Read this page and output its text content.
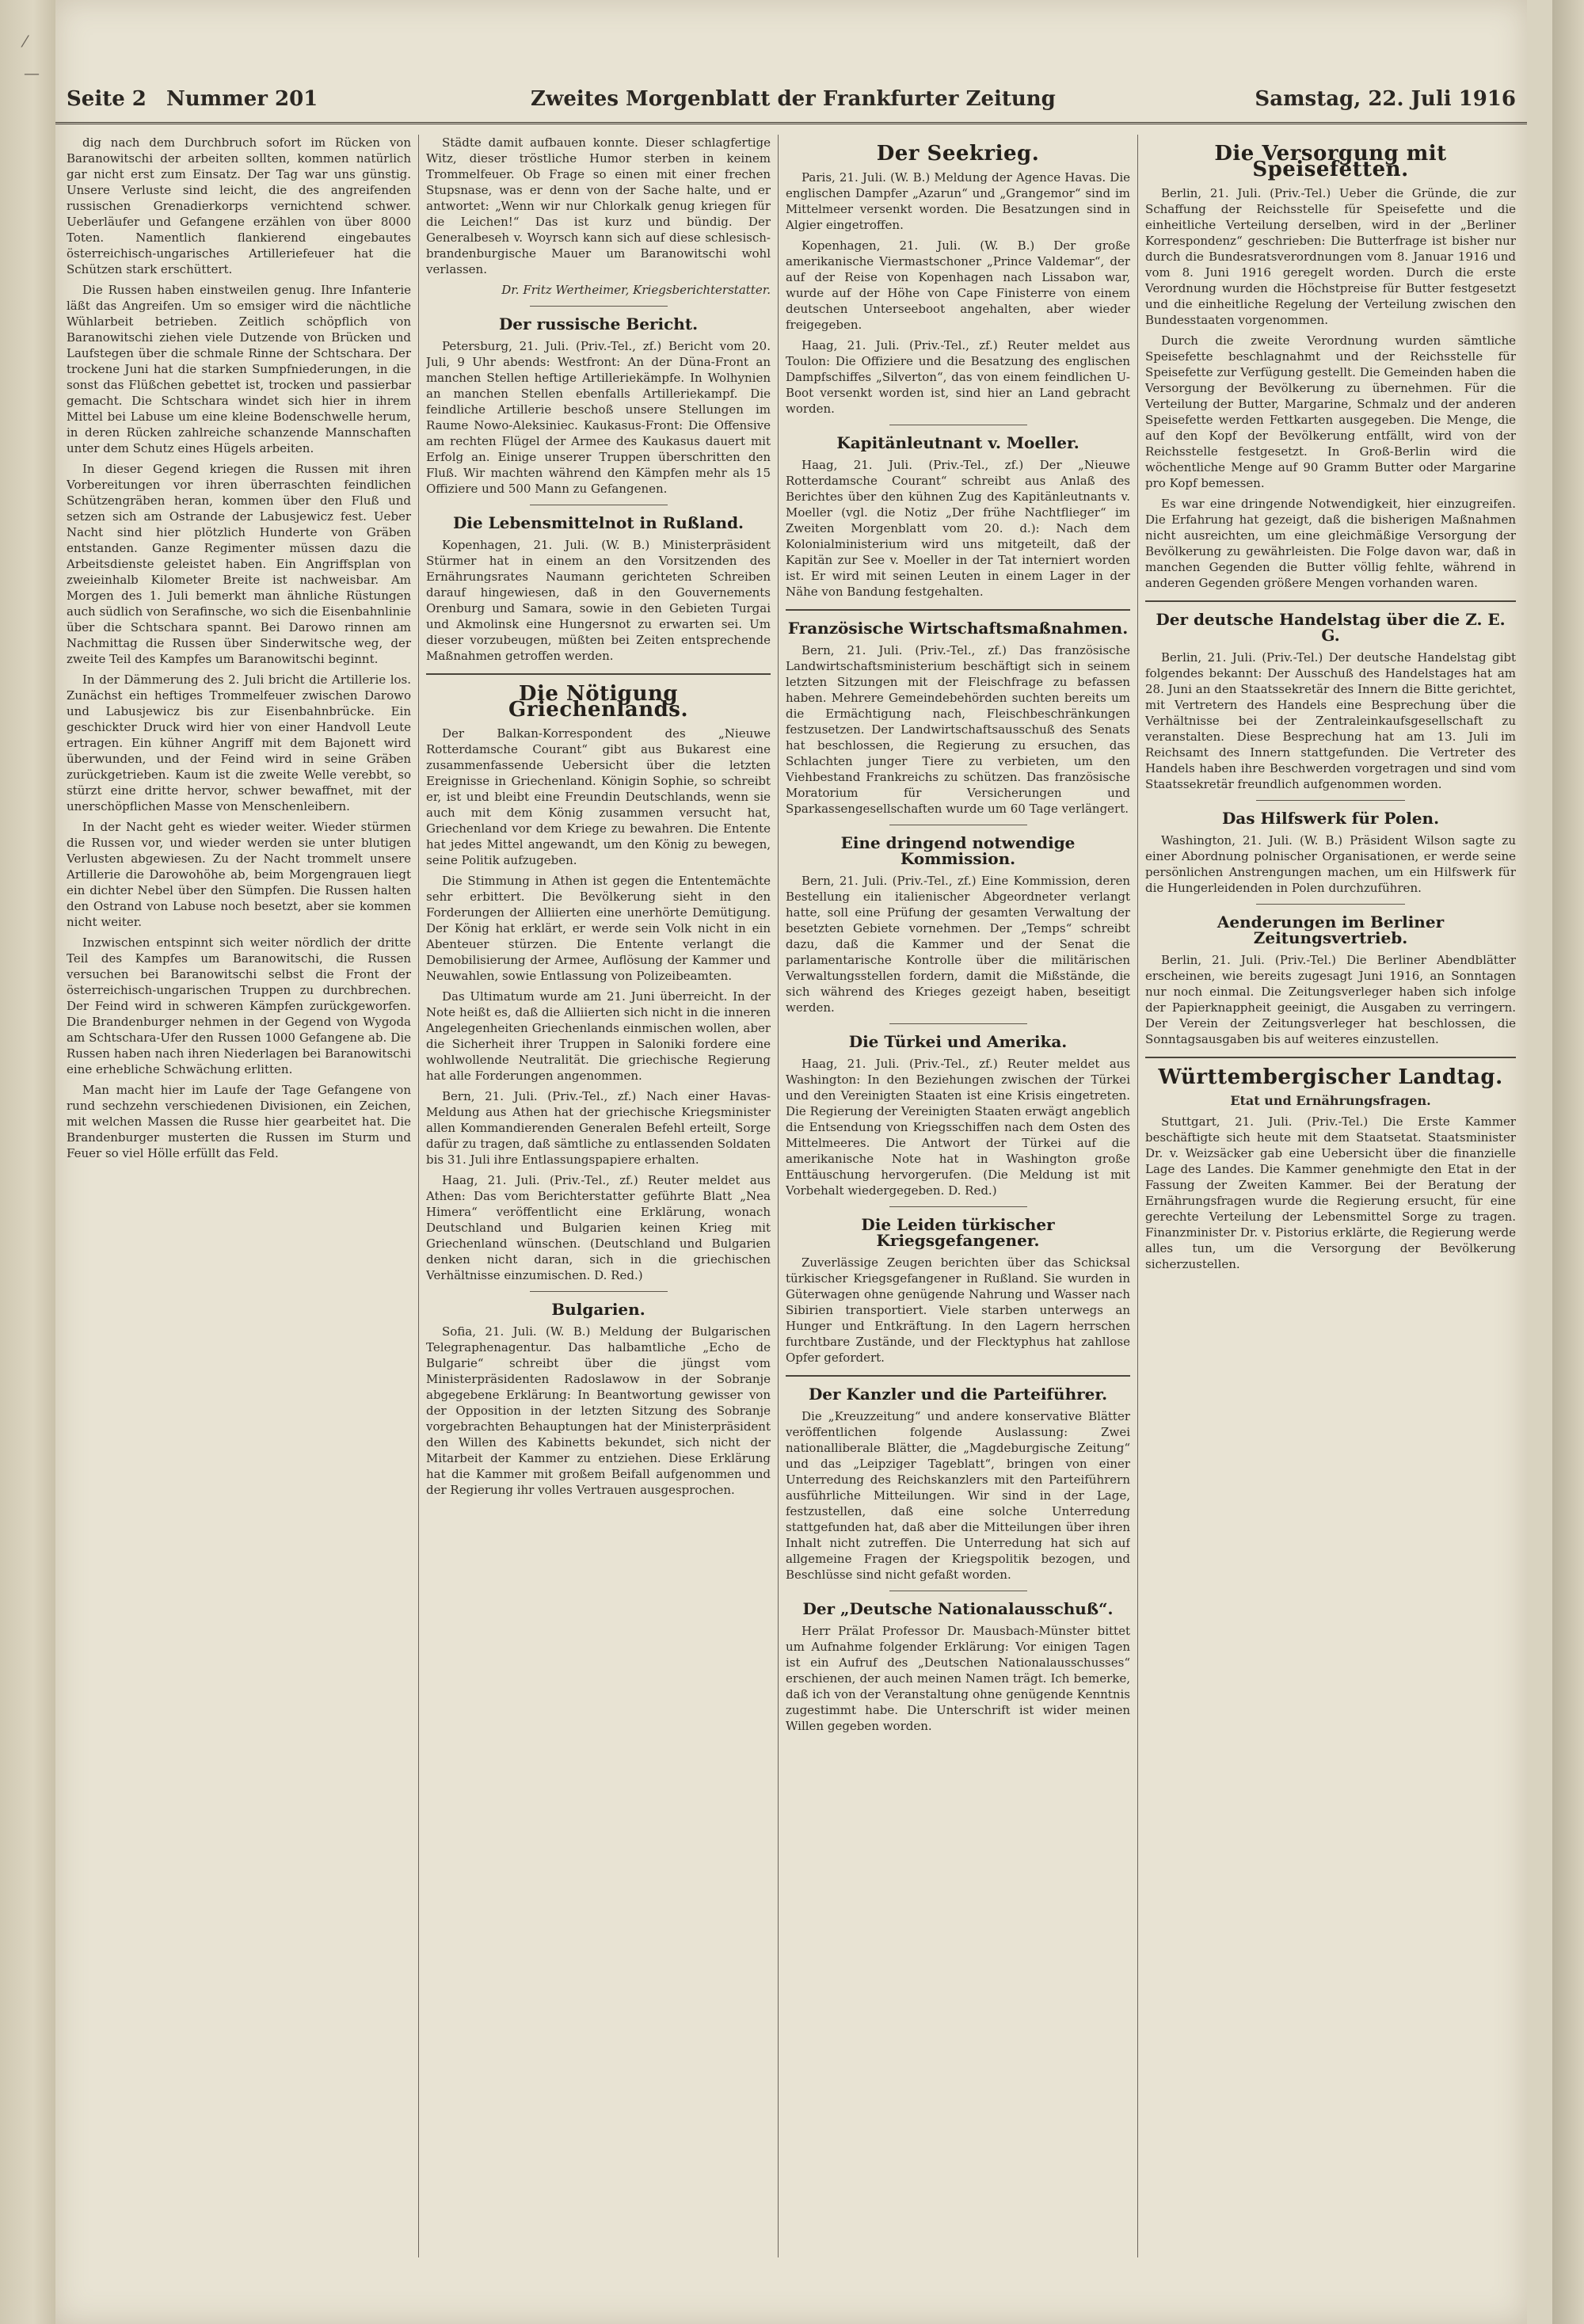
⁄
—
Seite 2 Nummer 201	Zweites Morgenblatt der Frankfurter Zeitung	Samstag, 22. Juli 1916

dig nach dem Durchbruch sofort im Rücken von Baranowitschi der arbeiten sollten, kommen natürlich gar nicht erst zum Einsatz. Der Tag war uns günstig. Unsere Verluste sind leicht, die des angreifenden russischen Grenadierkorps vernichtend schwer. Ueberläufer und Gefangene erzählen von über 8000 Toten. Namentlich flankierend eingebautes österreichisch-ungarisches Artilleriefeuer hat die Schützen stark erschüttert.

Die Russen haben einstweilen genug. Ihre Infanterie läßt das Angreifen. Um so emsiger wird die nächtliche Wühlarbeit betrieben. Zeitlich schöpflich von Baranowitschi ziehen viele Dutzende von Brücken und Laufstegen über die schmale Rinne der Schtschara. Der trockene Juni hat die starken Sumpfniederungen, in die sonst das Flüßchen gebettet ist, trocken und passierbar gemacht. Die Schtschara windet sich hier in ihrem Mittel bei Labuse um eine kleine Bodenschwelle herum, in deren Rücken zahlreiche schanzende Mannschaften unter dem Schutz eines Hügels arbeiten.

In dieser Gegend kriegen die Russen mit ihren Vorbereitungen vor ihren überraschten feindlichen Schützengräben heran, kommen über den Fluß und setzen sich am Ostrande der Labusjewicz fest. Ueber Nacht sind hier plötzlich Hunderte von Gräben entstanden. Ganze Regimenter müssen dazu die Arbeitsdienste geleistet haben. Ein Angriffsplan von zweieinhalb Kilometer Breite ist nachweisbar. Am Morgen des 1. Juli bemerkt man ähnliche Rüstungen auch südlich von Serafinsche, wo sich die Eisenbahnlinie über die Schtschara spannt. Bei Darowo rinnen am Nachmittag die Russen über Sinderwitsche weg, der zweite Teil des Kampfes um Baranowitschi beginnt.

In der Dämmerung des 2. Juli bricht die Artillerie los. Zunächst ein heftiges Trommelfeuer zwischen Darowo und Labusjewicz bis zur Eisenbahnbrücke. Ein geschickter Druck wird hier von einer Handvoll Leute ertragen. Ein kühner Angriff mit dem Bajonett wird überwunden, und der Feind wird in seine Gräben zurückgetrieben. Kaum ist die zweite Welle verebbt, so stürzt eine dritte hervor, schwer bewaffnet, mit der unerschöpflichen Masse von Menschenleibern.

In der Nacht geht es wieder weiter. Wieder stürmen die Russen vor, und wieder werden sie unter blutigen Verlusten abgewiesen. Zu der Nacht trommelt unsere Artillerie die Darowohöhe ab, beim Morgengrauen liegt ein dichter Nebel über den Sümpfen. Die Russen halten den Ostrand von Labuse noch besetzt, aber sie kommen nicht weiter.

Inzwischen entspinnt sich weiter nördlich der dritte Teil des Kampfes um Baranowitschi, die Russen versuchen bei Baranowitschi selbst die Front der österreichisch-ungarischen Truppen zu durchbrechen. Der Feind wird in schweren Kämpfen zurückgeworfen. Die Brandenburger nehmen in der Gegend von Wygoda am Schtschara-Ufer den Russen 1000 Gefangene ab. Die Russen haben nach ihren Niederlagen bei Baranowitschi eine erhebliche Schwächung erlitten.

Man macht hier im Laufe der Tage Gefangene von rund sechzehn verschiedenen Divisionen, ein Zeichen, mit welchen Massen die Russe hier gearbeitet hat. Die Brandenburger musterten die Russen im Sturm und Feuer so viel Hölle erfüllt das Feld.

Städte damit aufbauen konnte. Dieser schlagfertige Witz, dieser tröstliche Humor sterben in keinem Trommelfeuer. Ob Frage so einen mit einer frechen Stupsnase, was er denn von der Sache halte, und er antwortet: „Wenn wir nur Chlorkalk genug kriegen für die Leichen!“ Das ist kurz und bündig. Der Generalbeseh v. Woyrsch kann sich auf diese schlesisch-brandenburgische Mauer um Baranowitschi wohl verlassen.

Dr. Fritz Wertheimer, Kriegsberichterstatter.

Der russische Bericht.

Petersburg, 21. Juli. (Priv.-Tel., zf.) Bericht vom 20. Juli, 9 Uhr abends: Westfront: An der Düna-Front an manchen Stellen heftige Artilleriekämpfe. In Wolhynien an manchen Stellen ebenfalls Artilleriekampf. Die feindliche Artillerie beschoß unsere Stellungen im Raume Nowo-Aleksiniec. Kaukasus-Front: Die Offensive am rechten Flügel der Armee des Kaukasus dauert mit Erfolg an. Einige unserer Truppen überschritten den Fluß. Wir machten während den Kämpfen mehr als 15 Offiziere und 500 Mann zu Gefangenen.

Die Lebensmittelnot in Rußland.

Kopenhagen, 21. Juli. (W. B.) Ministerpräsident Stürmer hat in einem an den Vorsitzenden des Ernährungsrates Naumann gerichteten Schreiben darauf hingewiesen, daß in den Gouvernements Orenburg und Samara, sowie in den Gebieten Turgai und Akmolinsk eine Hungersnot zu erwarten sei. Um dieser vorzubeugen, müßten bei Zeiten entsprechende Maßnahmen getroffen werden.

Die Nötigung Griechenlands.

Der Balkan-Korrespondent des „Nieuwe Rotterdamsche Courant“ gibt aus Bukarest eine zusammenfassende Uebersicht über die letzten Ereignisse in Griechenland. Königin Sophie, so schreibt er, ist und bleibt eine Freundin Deutschlands, wenn sie auch mit dem König zusammen versucht hat, Griechenland vor dem Kriege zu bewahren. Die Entente hat jedes Mittel angewandt, um den König zu bewegen, seine Politik aufzugeben.

Die Stimmung in Athen ist gegen die Ententemächte sehr erbittert. Die Bevölkerung sieht in den Forderungen der Alliierten eine unerhörte Demütigung. Der König hat erklärt, er werde sein Volk nicht in ein Abenteuer stürzen. Die Entente verlangt die Demobilisierung der Armee, Auflösung der Kammer und Neuwahlen, sowie Entlassung von Polizeibeamten.

Das Ultimatum wurde am 21. Juni überreicht. In der Note heißt es, daß die Alliierten sich nicht in die inneren Angelegenheiten Griechenlands einmischen wollen, aber die Sicherheit ihrer Truppen in Saloniki fordere eine wohlwollende Neutralität. Die griechische Regierung hat alle Forderungen angenommen.

Bern, 21. Juli. (Priv.-Tel., zf.) Nach einer Havas-Meldung aus Athen hat der griechische Kriegsminister allen Kommandierenden Generalen Befehl erteilt, Sorge dafür zu tragen, daß sämtliche zu entlassenden Soldaten bis 31. Juli ihre Entlassungspapiere erhalten.

Haag, 21. Juli. (Priv.-Tel., zf.) Reuter meldet aus Athen: Das vom Berichterstatter geführte Blatt „Nea Himera“ veröffentlicht eine Erklärung, wonach Deutschland und Bulgarien keinen Krieg mit Griechenland wünschen. (Deutschland und Bulgarien denken nicht daran, sich in die griechischen Verhältnisse einzumischen. D. Red.)

Bulgarien.

Sofia, 21. Juli. (W. B.) Meldung der Bulgarischen Telegraphenagentur. Das halbamtliche „Echo de Bulgarie“ schreibt über die jüngst vom Ministerpräsidenten Radoslawow in der Sobranje abgegebene Erklärung: In Beantwortung gewisser von der Opposition in der letzten Sitzung des Sobranje vorgebrachten Behauptungen hat der Ministerpräsident den Willen des Kabinetts bekundet, sich nicht der Mitarbeit der Kammer zu entziehen. Diese Erklärung hat die Kammer mit großem Beifall aufgenommen und der Regierung ihr volles Vertrauen ausgesprochen.

Der Seekrieg.

Paris, 21. Juli. (W. B.) Meldung der Agence Havas. Die englischen Dampfer „Azarun“ und „Grangemor“ sind im Mittelmeer versenkt worden. Die Besatzungen sind in Algier eingetroffen.

Kopenhagen, 21. Juli. (W. B.) Der große amerikanische Viermastschoner „Prince Valdemar“, der auf der Reise von Kopenhagen nach Lissabon war, wurde auf der Höhe von Cape Finisterre von einem deutschen Unterseeboot angehalten, aber wieder freigegeben.

Haag, 21. Juli. (Priv.-Tel., zf.) Reuter meldet aus Toulon: Die Offiziere und die Besatzung des englischen Dampfschiffes „Silverton“, das von einem feindlichen U-Boot versenkt worden ist, sind hier an Land gebracht worden.

Kapitänleutnant v. Moeller.

Haag, 21. Juli. (Priv.-Tel., zf.) Der „Nieuwe Rotterdamsche Courant“ schreibt aus Anlaß des Berichtes über den kühnen Zug des Kapitänleutnants v. Moeller (vgl. die Notiz „Der frühe Nachtflieger“ im Zweiten Morgenblatt vom 20. d.): Nach dem Kolonialministerium wird uns mitgeteilt, daß der Kapitän zur See v. Moeller in der Tat interniert worden ist. Er wird mit seinen Leuten in einem Lager in der Nähe von Bandung festgehalten.

Französische Wirtschaftsmaßnahmen.

Bern, 21. Juli. (Priv.-Tel., zf.) Das französische Landwirtschaftsministerium beschäftigt sich in seinem letzten Sitzungen mit der Fleischfrage zu befassen haben. Mehrere Gemeindebehörden suchten bereits um die Ermächtigung nach, Fleischbeschränkungen festzusetzen. Der Landwirtschaftsausschuß des Senats hat beschlossen, die Regierung zu ersuchen, das Schlachten junger Tiere zu verbieten, um den Viehbestand Frankreichs zu schützen. Das französische Moratorium für Versicherungen und Sparkassengesellschaften wurde um 60 Tage verlängert.

Eine dringend notwendige Kommission.

Bern, 21. Juli. (Priv.-Tel., zf.) Eine Kommission, deren Bestellung ein italienischer Abgeordneter verlangt hatte, soll eine Prüfung der gesamten Verwaltung der besetzten Gebiete vornehmen. Der „Temps“ schreibt dazu, daß die Kammer und der Senat die parlamentarische Kontrolle über die militärischen Verwaltungsstellen fordern, damit die Mißstände, die sich während des Krieges gezeigt haben, beseitigt werden.

Die Türkei und Amerika.

Haag, 21. Juli. (Priv.-Tel., zf.) Reuter meldet aus Washington: In den Beziehungen zwischen der Türkei und den Vereinigten Staaten ist eine Krisis eingetreten. Die Regierung der Vereinigten Staaten erwägt angeblich die Entsendung von Kriegsschiffen nach dem Osten des Mittelmeeres. Die Antwort der Türkei auf die amerikanische Note hat in Washington große Enttäuschung hervorgerufen. (Die Meldung ist mit Vorbehalt wiedergegeben. D. Red.)

Die Leiden türkischer Kriegsgefangener.

Zuverlässige Zeugen berichten über das Schicksal türkischer Kriegsgefangener in Rußland. Sie wurden in Güterwagen ohne genügende Nahrung und Wasser nach Sibirien transportiert. Viele starben unterwegs an Hunger und Entkräftung. In den Lagern herrschen furchtbare Zustände, und der Flecktyphus hat zahllose Opfer gefordert.

Der Kanzler und die Parteiführer.

Die „Kreuzzeitung“ und andere konservative Blätter veröffentlichen folgende Auslassung: Zwei nationalliberale Blätter, die „Magdeburgische Zeitung“ und das „Leipziger Tageblatt“, bringen von einer Unterredung des Reichskanzlers mit den Parteiführern ausführliche Mitteilungen. Wir sind in der Lage, festzustellen, daß eine solche Unterredung stattgefunden hat, daß aber die Mitteilungen über ihren Inhalt nicht zutreffen. Die Unterredung hat sich auf allgemeine Fragen der Kriegspolitik bezogen, und Beschlüsse sind nicht gefaßt worden.

Der „Deutsche Nationalausschuß“.

Herr Prälat Professor Dr. Mausbach-Münster bittet um Aufnahme folgender Erklärung: Vor einigen Tagen ist ein Aufruf des „Deutschen Nationalausschusses“ erschienen, der auch meinen Namen trägt. Ich bemerke, daß ich von der Veranstaltung ohne genügende Kenntnis zugestimmt habe. Die Unterschrift ist wider meinen Willen gegeben worden.

Die Versorgung mit Speisefetten.

Berlin, 21. Juli. (Priv.-Tel.) Ueber die Gründe, die zur Schaffung der Reichsstelle für Speisefette und die einheitliche Verteilung derselben, wird in der „Berliner Korrespondenz“ geschrieben: Die Butterfrage ist bisher nur durch die Bundesratsverordnungen vom 8. Januar 1916 und vom 8. Juni 1916 geregelt worden. Durch die erste Verordnung wurden die Höchstpreise für Butter festgesetzt und die einheitliche Regelung der Verteilung zwischen den Bundesstaaten vorgenommen.

Durch die zweite Verordnung wurden sämtliche Speisefette beschlagnahmt und der Reichsstelle für Speisefette zur Verfügung gestellt. Die Gemeinden haben die Versorgung der Bevölkerung zu übernehmen. Für die Verteilung der Butter, Margarine, Schmalz und der anderen Speisefette werden Fettkarten ausgegeben. Die Menge, die auf den Kopf der Bevölkerung entfällt, wird von der Reichsstelle festgesetzt. In Groß-Berlin wird die wöchentliche Menge auf 90 Gramm Butter oder Margarine pro Kopf bemessen.

Es war eine dringende Notwendigkeit, hier einzugreifen. Die Erfahrung hat gezeigt, daß die bisherigen Maßnahmen nicht ausreichten, um eine gleichmäßige Versorgung der Bevölkerung zu gewährleisten. Die Folge davon war, daß in manchen Gegenden die Butter völlig fehlte, während in anderen Gegenden größere Mengen vorhanden waren.

Der deutsche Handelstag über die Z. E. G.

Berlin, 21. Juli. (Priv.-Tel.) Der deutsche Handelstag gibt folgendes bekannt: Der Ausschuß des Handelstages hat am 28. Juni an den Staatssekretär des Innern die Bitte gerichtet, mit Vertretern des Handels eine Besprechung über die Verhältnisse bei der Zentraleinkaufsgesellschaft zu veranstalten. Diese Besprechung hat am 13. Juli im Reichsamt des Innern stattgefunden. Die Vertreter des Handels haben ihre Beschwerden vorgetragen und sind vom Staatssekretär freundlich aufgenommen worden.

Das Hilfswerk für Polen.

Washington, 21. Juli. (W. B.) Präsident Wilson sagte zu einer Abordnung polnischer Organisationen, er werde seine persönlichen Anstrengungen machen, um ein Hilfswerk für die Hungerleidenden in Polen durchzuführen.

Aenderungen im Berliner Zeitungsvertrieb.

Berlin, 21. Juli. (Priv.-Tel.) Die Berliner Abendblätter erscheinen, wie bereits zugesagt Juni 1916, an Sonntagen nur noch einmal. Die Zeitungsverleger haben sich infolge der Papierknappheit geeinigt, die Ausgaben zu verringern. Der Verein der Zeitungsverleger hat beschlossen, die Sonntagsausgaben bis auf weiteres einzustellen.

Württembergischer Landtag.
Etat und Ernährungsfragen.

Stuttgart, 21. Juli. (Priv.-Tel.) Die Erste Kammer beschäftigte sich heute mit dem Staatsetat. Staatsminister Dr. v. Weizsäcker gab eine Uebersicht über die finanzielle Lage des Landes. Die Kammer genehmigte den Etat in der Fassung der Zweiten Kammer. Bei der Beratung der Ernährungsfragen wurde die Regierung ersucht, für eine gerechte Verteilung der Lebensmittel Sorge zu tragen. Finanzminister Dr. v. Pistorius erklärte, die Regierung werde alles tun, um die Versorgung der Bevölkerung sicherzustellen.
